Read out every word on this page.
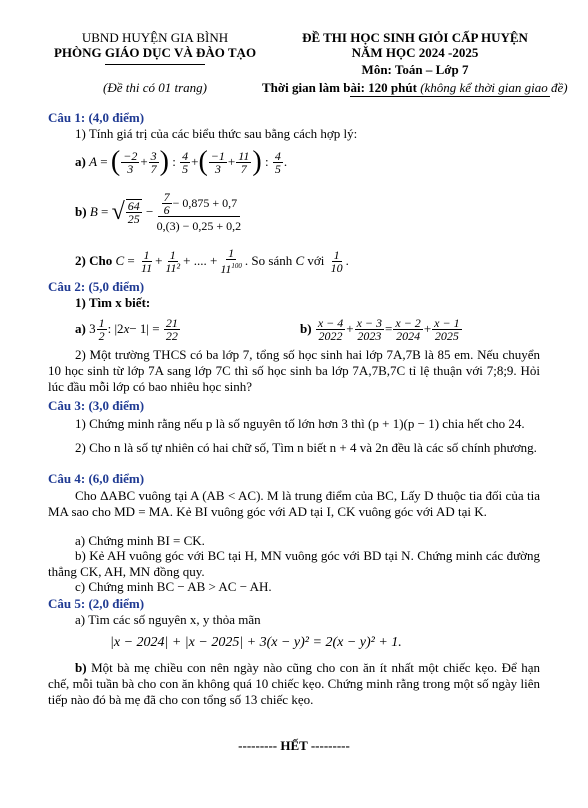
UBND HUYỆN GIA BÌNH
PHÒNG GIÁO DỤC VÀ ĐÀO TẠO
(Đề thi có 01 trang)
ĐỀ THI HỌC SINH GIỎI CẤP HUYỆN
NĂM HỌC 2024 -2025
Môn: Toán – Lớp 7
Thời gian làm bài: 120 phút (không kể thời gian giao đề)
Câu 1: (4,0 điểm)
1) Tính giá trị của các biểu thức sau bằng cách hợp lý:
a)
A = ( $\frac{-2}{3} + \frac{3}{7}$ ) : $\frac{4}{5}$ + ( $\frac{-1}{3} + \frac{11}{7}$ ) : $\frac{4}{5}$ .
b)
B = √ $\frac{64}{25} - \frac{7}{6} - 0,875 + 0,7$
0,(3) − 0,25 + 0,2
2) Cho
$C = \frac{1}{11} + \frac{1}{\text{11²}}$ + .... + $\frac{1}{11^{100}}$ . So sánh
C
với
$\frac{1}{10}$ .
Câu 2: (5,0 điểm)
1) Tìm x biết:
a) $3 \frac{1}{2}$ : |2 $x - 1| = \frac{21}{22}$	b)
$\frac{x - 4}{2022} + \frac{x - 3}{2023} = \frac{x - 2}{2024} + \frac{x - 1}{2025}$
2) Một trường THCS có ba lớp 7, tổng số học sinh hai lớp 7A,7B là 85 em. Nếu chuyển 10 học sinh từ lớp 7A sang lớp 7C thì số học sinh ba lớp 7A,7B,7C tỉ lệ thuận với 7;8;9. Hỏi lúc đầu mỗi lớp có bao nhiêu học sinh?
Câu 3: (3,0 điểm)
1) Chứng minh rằng nếu p là số nguyên tố lớn hơn 3 thì (p + 1)(p − 1) chia hết cho 24.
2) Cho n là số tự nhiên có hai chữ số, Tìm n biết n + 4 và 2n đều là các số chính phương.
Câu 4: (6,0 điểm)
Cho ΔABC vuông tại A (AB < AC). M là trung điểm của BC, Lấy D thuộc tia đối của tia MA sao cho MD = MA. Kẻ BI vuông góc với AD tại I, CK vuông góc với AD tại K.
a) Chứng minh BI = CK.
b) Kẻ AH vuông góc với BC tại H, MN vuông góc với BD tại N. Chứng minh các đường thẳng CK, AH, MN đồng quy.
c) Chứng minh BC − AB > AC − AH.
Câu 5: (2,0 điểm)
a) Tìm các số nguyên x, y thỏa mãn
|x − 2024| + |x − 2025| + 3(x − y)² = 2(x − y)² + 1.
b) Một bà mẹ chiều con nên ngày nào cũng cho con ăn ít nhất một chiếc kẹo. Để hạn chế, mỗi tuần bà cho con ăn không quá 10 chiếc kẹo. Chứng minh rằng trong một số ngày liên tiếp nào đó bà mẹ đã cho con tổng số 13 chiếc kẹo.
--------- HẾT ---------
